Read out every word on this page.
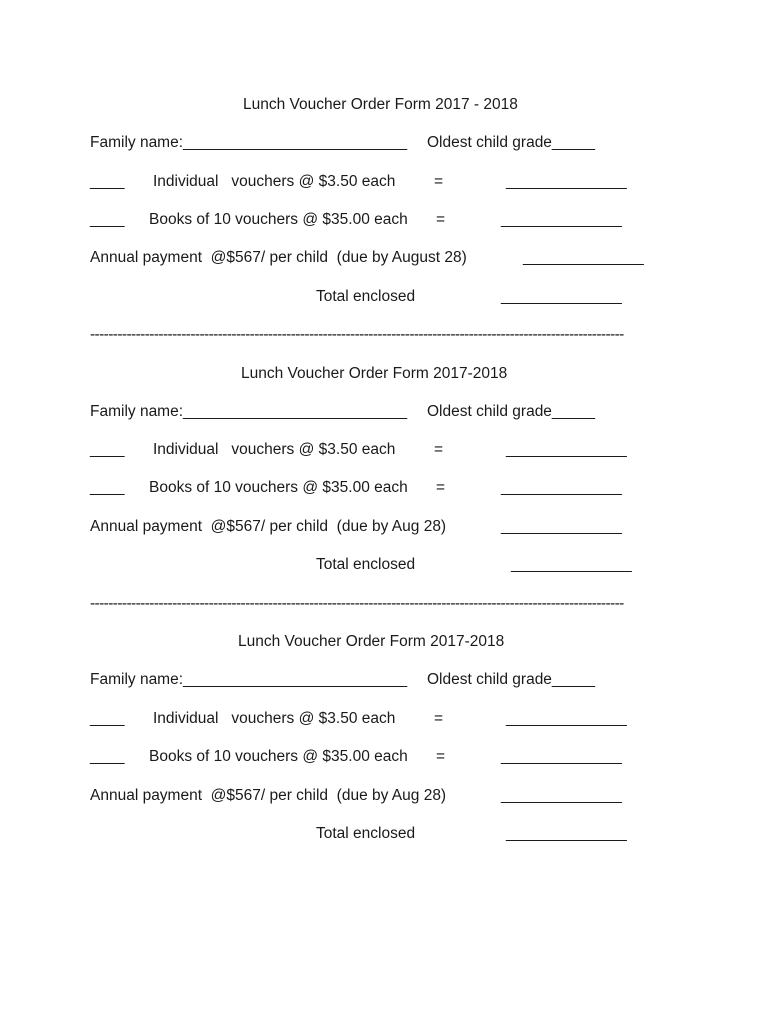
Lunch Voucher Order Form 2017 - 2018
Family name:__________________________ Oldest child grade_____
____ Individual   vouchers @ $3.50 each =	______________
____ Books of 10 vouchers @ $35.00 each =	______________
Annual payment  @$567/ per child  (due by August 28)	______________
Total enclosed	______________
---------------------------------------------------------------------------------------------------------------------
Lunch Voucher Order Form 2017-2018
Family name:__________________________ Oldest child grade_____
____ Individual   vouchers @ $3.50 each =	______________
____ Books of 10 vouchers @ $35.00 each =	______________
Annual payment  @$567/ per child  (due by Aug 28)	______________
Total enclosed	______________
---------------------------------------------------------------------------------------------------------------------
Lunch Voucher Order Form 2017-2018
Family name:__________________________ Oldest child grade_____
____ Individual   vouchers @ $3.50 each =	______________
____ Books of 10 vouchers @ $35.00 each =	______________
Annual payment  @$567/ per child  (due by Aug 28)	______________
Total enclosed	______________
